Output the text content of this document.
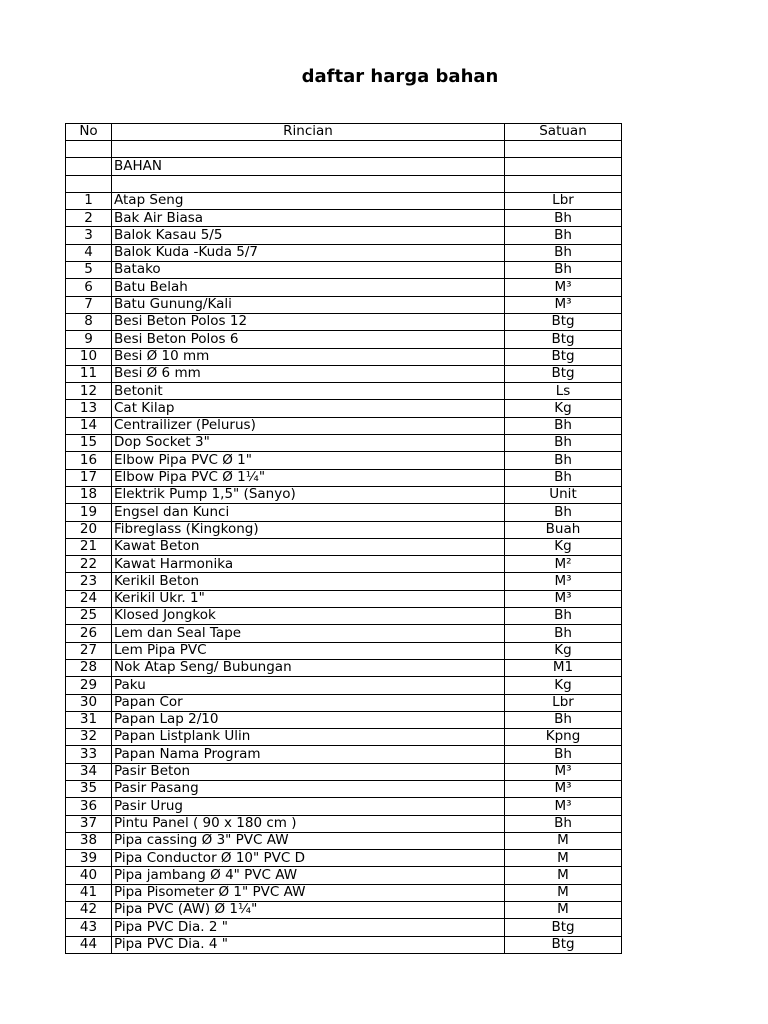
daftar harga bahan
No	Rincian	Satuan

	BAHAN	

1	Atap Seng	Lbr
2	Bak Air Biasa	Bh
3	Balok Kasau 5/5	Bh
4	Balok Kuda -Kuda 5/7	Bh
5	Batako	Bh
6	Batu Belah	M³
7	Batu Gunung/Kali	M³
8	Besi Beton Polos 12	Btg
9	Besi Beton Polos 6	Btg
10	Besi Ø 10 mm	Btg
11	Besi Ø 6 mm	Btg
12	Betonit	Ls
13	Cat Kilap	Kg
14	Centrailizer (Pelurus)	Bh
15	Dop Socket 3"	Bh
16	Elbow Pipa PVC Ø 1"	Bh
17	Elbow Pipa PVC Ø 1¼"	Bh
18	Elektrik Pump 1,5" (Sanyo)	Unit
19	Engsel dan Kunci	Bh
20	Fibreglass (Kingkong)	Buah
21	Kawat Beton	Kg
22	Kawat Harmonika	M²
23	Kerikil Beton	M³
24	Kerikil Ukr. 1"	M³
25	Klosed Jongkok	Bh
26	Lem dan Seal Tape	Bh
27	Lem Pipa PVC	Kg
28	Nok Atap Seng/ Bubungan	M1
29	Paku	Kg
30	Papan Cor	Lbr
31	Papan Lap 2/10	Bh
32	Papan Listplank Ulin	Kpng
33	Papan Nama Program	Bh
34	Pasir Beton	M³
35	Pasir Pasang	M³
36	Pasir Urug	M³
37	Pintu Panel ( 90 x 180 cm )	Bh
38	Pipa cassing Ø 3" PVC AW	M
39	Pipa Conductor Ø 10" PVC D	M
40	Pipa jambang Ø 4" PVC AW	M
41	Pipa Pisometer Ø 1" PVC AW	M
42	Pipa PVC (AW) Ø 1¼"	M
43	Pipa PVC Dia. 2 "	Btg
44	Pipa PVC Dia. 4 "	Btg
